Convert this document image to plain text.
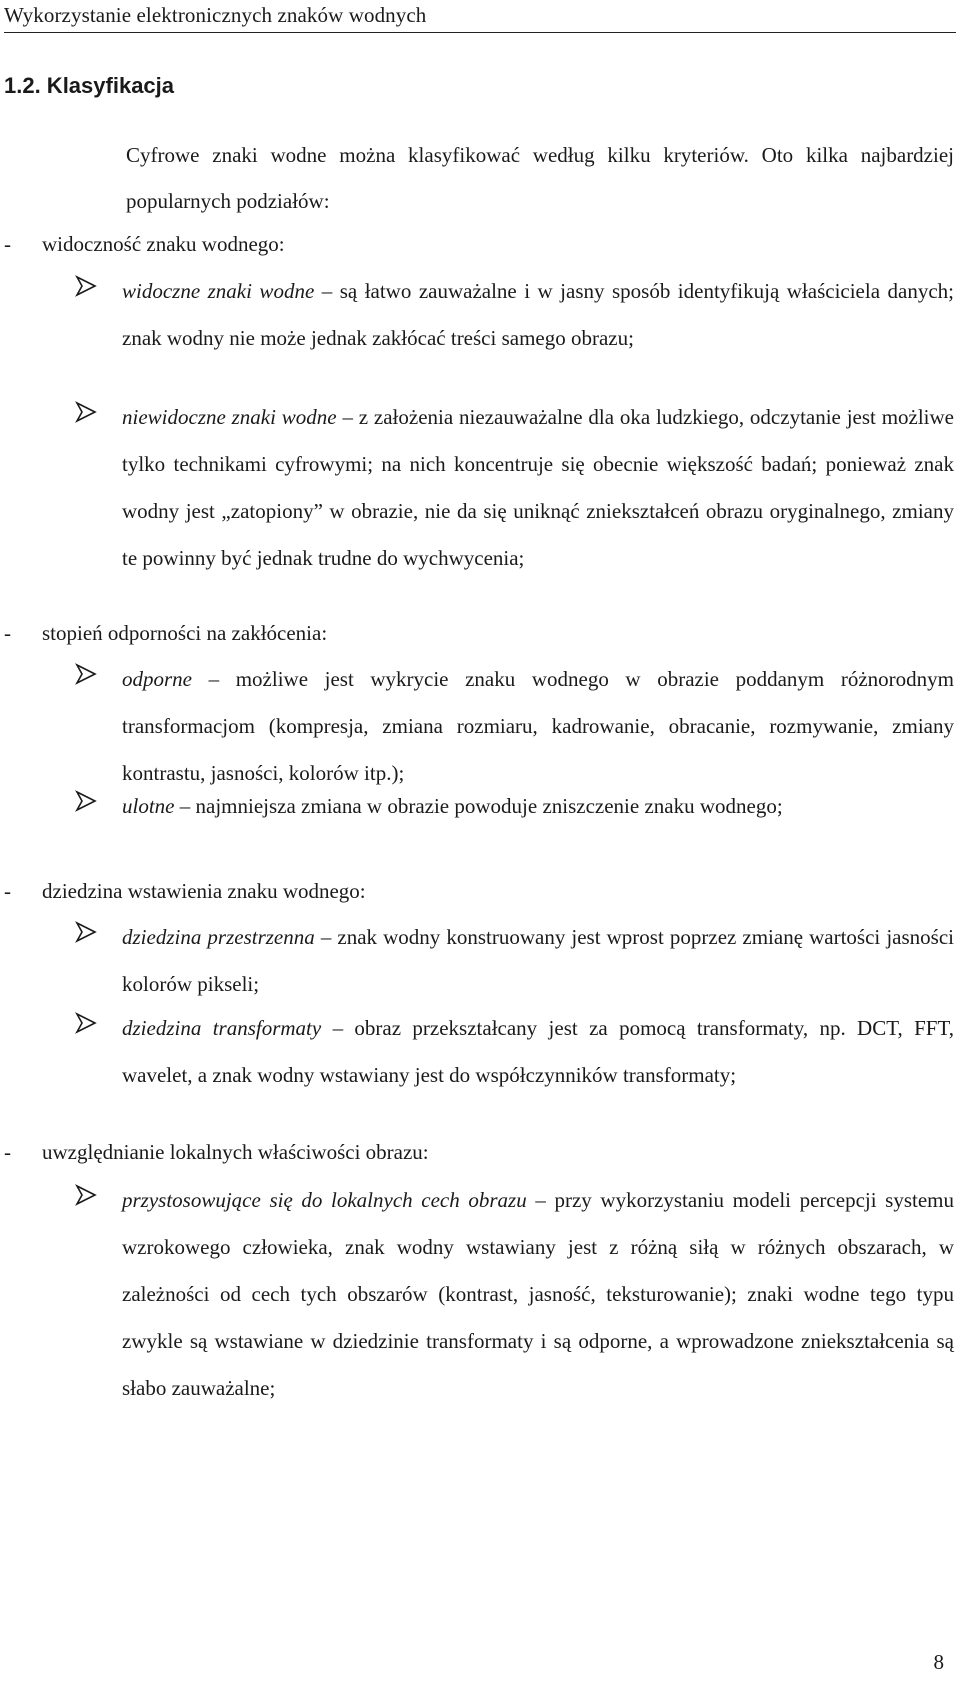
Wykorzystanie elektronicznych znaków wodnych
1.2. Klasyfikacja
Cyfrowe znaki wodne można klasyfikować według kilku kryteriów. Oto kilka najbardziej popularnych podziałów:
- widoczność znaku wodnego:
widoczne znaki wodne – są łatwo zauważalne i w jasny sposób identyfikują właściciela danych; znak wodny nie może jednak zakłócać treści samego obrazu;
niewidoczne znaki wodne – z założenia niezauważalne dla oka ludzkiego, odczytanie jest możliwe tylko technikami cyfrowymi; na nich koncentruje się obecnie większość badań; ponieważ znak wodny jest „zatopiony” w obrazie, nie da się uniknąć zniekształceń obrazu oryginalnego, zmiany te powinny być jednak trudne do wychwycenia;
- stopień odporności na zakłócenia:
odporne – możliwe jest wykrycie znaku wodnego w obrazie poddanym różnorodnym transformacjom (kompresja, zmiana rozmiaru, kadrowanie, obracanie, rozmywanie, zmiany kontrastu, jasności, kolorów itp.);
ulotne – najmniejsza zmiana w obrazie powoduje zniszczenie znaku wodnego;
- dziedzina wstawienia znaku wodnego:
dziedzina przestrzenna – znak wodny konstruowany jest wprost poprzez zmianę wartości jasności kolorów pikseli;
dziedzina transformaty – obraz przekształcany jest za pomocą transformaty, np. DCT, FFT, wavelet, a znak wodny wstawiany jest do współczynników transformaty;
- uwzględnianie lokalnych właściwości obrazu:
przystosowujące się do lokalnych cech obrazu – przy wykorzystaniu modeli percepcji systemu wzrokowego człowieka, znak wodny wstawiany jest z różną siłą w różnych obszarach, w zależności od cech tych obszarów (kontrast, jasność, teksturowanie); znaki wodne tego typu zwykle są wstawiane w dziedzinie transformaty i są odporne, a wprowadzone zniekształcenia są słabo zauważalne;
8
